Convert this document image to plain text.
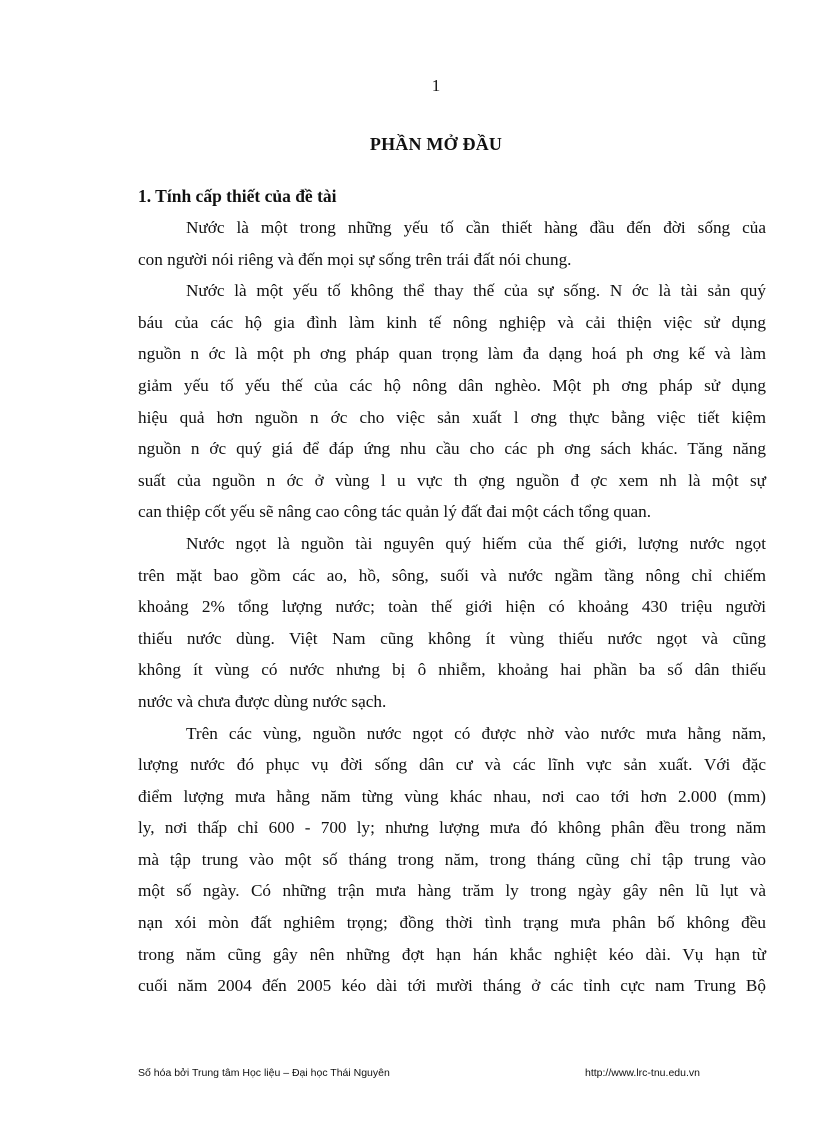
1
PHẦN MỞ ĐẦU
1. Tính cấp thiết của đề tài
Nước là một trong những yếu tố cần thiết hàng đầu đến đời sống của
con người nói riêng và đến mọi sự sống trên trái đất nói chung.
Nước là một yếu tố không thể thay thế của sự sống. N ớc là tài sản quý
báu của các hộ gia đình làm kinh tế nông nghiệp và cải thiện việc sử dụng
nguồn n ớc là một ph ơng pháp quan trọng làm đa dạng hoá ph ơng kế và làm
giảm yếu tố yếu thế của các hộ nông dân nghèo. Một ph ơng pháp sử dụng
hiệu quả hơn nguồn n ớc cho việc sản xuất l ơng thực bằng việc tiết kiệm
nguồn n ớc quý giá để đáp ứng nhu cầu cho các ph ơng sách khác. Tăng năng
suất của nguồn n ớc ở vùng l u vực th ợng nguồn đ ợc xem nh là một sự
can thiệp cốt yếu sẽ nâng cao công tác quản lý đất đai một cách tổng quan.
Nước ngọt là nguồn tài nguyên quý hiếm của thế giới, lượng nước ngọt
trên mặt bao gồm các ao, hồ, sông, suối và nước ngầm tầng nông chỉ chiếm
khoảng 2% tổng lượng nước; toàn thế giới hiện có khoảng 430 triệu người
thiếu nước dùng. Việt Nam cũng không ít vùng thiếu nước ngọt và cũng
không ít vùng có nước nhưng bị ô nhiễm, khoảng hai phần ba số dân thiếu
nước và chưa được dùng nước sạch.
Trên các vùng, nguồn nước ngọt có được nhờ vào nước mưa hằng năm,
lượng nước đó phục vụ đời sống dân cư và các lĩnh vực sản xuất. Với đặc
điểm lượng mưa hằng năm từng vùng khác nhau, nơi cao tới hơn 2.000 (mm)
ly, nơi thấp chỉ 600 - 700 ly; nhưng lượng mưa đó không phân đều trong năm
mà tập trung vào một số tháng trong năm, trong tháng cũng chỉ tập trung vào
một số ngày. Có những trận mưa hàng trăm ly trong ngày gây nên lũ lụt và
nạn xói mòn đất nghiêm trọng; đồng thời tình trạng mưa phân bố không đều
trong năm cũng gây nên những đợt hạn hán khắc nghiệt kéo dài. Vụ hạn từ
cuối năm 2004 đến 2005 kéo dài tới mười tháng ở các tỉnh cực nam Trung Bộ
Số hóa bởi Trung tâm Học liệu – Đại học Thái Nguyên	http://www.lrc-tnu.edu.vn
